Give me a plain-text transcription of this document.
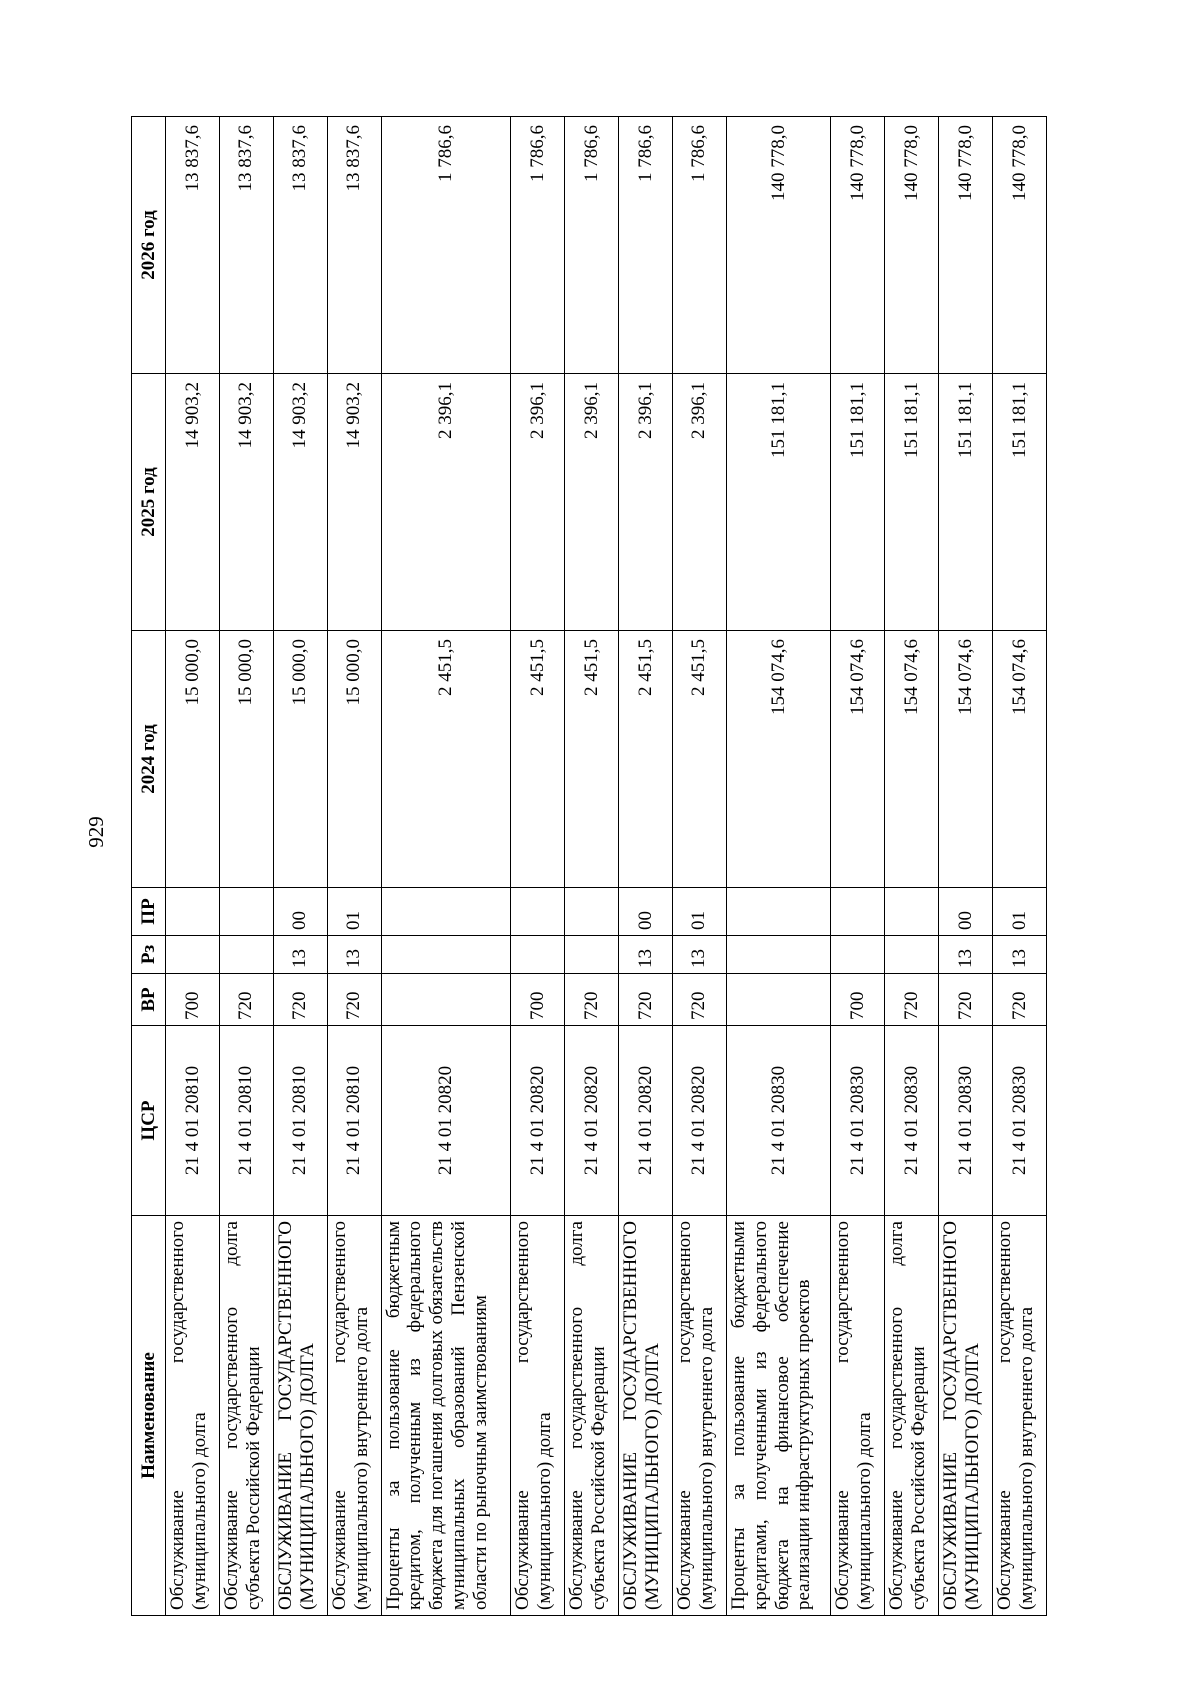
929
Наименование	ЦСР	ВР	Рз	ПР	2024 год	2025 год	2026 год
Обслуживание государственного (муниципального) долга	21 4 01 20810	700			15 000,0	14 903,2	13 837,6
Обслуживание государственного долга субъекта Российской Федерации	21 4 01 20810	720			15 000,0	14 903,2	13 837,6
ОБСЛУЖИВАНИЕ ГОСУДАРСТВЕННОГО (МУНИЦИПАЛЬНОГО) ДОЛГА	21 4 01 20810	720	13	00	15 000,0	14 903,2	13 837,6
Обслуживание государственного (муниципального) внутреннего долга	21 4 01 20810	720	13	01	15 000,0	14 903,2	13 837,6
Проценты за пользование бюджетным кредитом, полученным из федерального бюджета для погашения долговых обязательств муниципальных образований Пензенской области по рыночным заимствованиям	21 4 01 20820				2 451,5	2 396,1	1 786,6
Обслуживание государственного (муниципального) долга	21 4 01 20820	700			2 451,5	2 396,1	1 786,6
Обслуживание государственного долга субъекта Российской Федерации	21 4 01 20820	720			2 451,5	2 396,1	1 786,6
ОБСЛУЖИВАНИЕ ГОСУДАРСТВЕННОГО (МУНИЦИПАЛЬНОГО) ДОЛГА	21 4 01 20820	720	13	00	2 451,5	2 396,1	1 786,6
Обслуживание государственного (муниципального) внутреннего долга	21 4 01 20820	720	13	01	2 451,5	2 396,1	1 786,6
Проценты за пользование бюджетными кредитами, полученными из федерального бюджета на финансовое обеспечение реализации инфраструктурных проектов	21 4 01 20830				154 074,6	151 181,1	140 778,0
Обслуживание государственного (муниципального) долга	21 4 01 20830	700			154 074,6	151 181,1	140 778,0
Обслуживание государственного долга субъекта Российской Федерации	21 4 01 20830	720			154 074,6	151 181,1	140 778,0
ОБСЛУЖИВАНИЕ ГОСУДАРСТВЕННОГО (МУНИЦИПАЛЬНОГО) ДОЛГА	21 4 01 20830	720	13	00	154 074,6	151 181,1	140 778,0
Обслуживание государственного (муниципального) внутреннего долга	21 4 01 20830	720	13	01	154 074,6	151 181,1	140 778,0
